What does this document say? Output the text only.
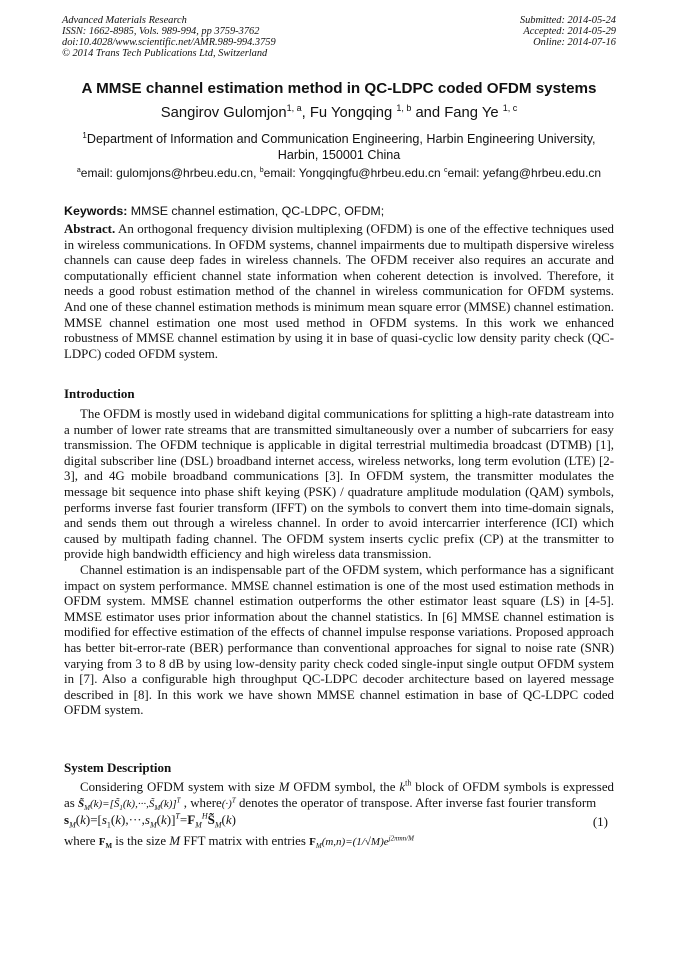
Advanced Materials Research
ISSN: 1662-8985, Vols. 989-994, pp 3759-3762
doi:10.4028/www.scientific.net/AMR.989-994.3759
© 2014 Trans Tech Publications Ltd, Switzerland
Submitted: 2014-05-24
Accepted: 2014-05-29
Online: 2014-07-16
A MMSE channel estimation method in QC-LDPC coded OFDM systems
Sangirov Gulomjon$^{1, a}$, Fu Yongqing $^{1, b}$ and Fang Ye $^{1, c}$
$^1$Department of Information and Communication Engineering, Harbin Engineering University, Harbin, 150001 China
$^a$email: gulomjons@hrbeu.edu.cn, $^b$email: Yongqingfu@hrbeu.edu.cn $^c$email: yefang@hrbeu.edu.cn
Keywords: MMSE channel estimation, QC-LDPC, OFDM;

Abstract. An orthogonal frequency division multiplexing (OFDM) is one of the effective techniques used in wireless communications. In OFDM systems, channel impairments due to multipath dispersive wireless channels can cause deep fades in wireless channels. The OFDM receiver also requires an accurate and computationally efficient channel state information when coherent detection is involved. Therefore, it needs a good robust estimation method of the channel in wireless communication for OFDM systems. And one of these channel estimation methods is minimum mean square error (MMSE) channel estimation. MMSE channel estimation one most used method in OFDM systems. In this work we enhanced robustness of MMSE channel estimation by using it in base of quasi-cyclic low density parity check (QC-LDPC) coded OFDM system.

Introduction

The OFDM is mostly used in wideband digital communications for splitting a high-rate datastream into a number of lower rate streams that are transmitted simultaneously over a number of subcarriers for easy transmission. The OFDM technique is applicable in digital terrestrial multimedia broadcast (DTMB) [1], digital subscriber line (DSL) broadband internet access, wireless networks, long term evolution (LTE) [2-3], and 4G mobile broadband communications [3]. In OFDM system, the transmitter modulates the message bit sequence into phase shift keying (PSK) / quadrature amplitude modulation (QAM) symbols, performs inverse fast fourier transform (IFFT) on the symbols to convert them into time-domain signals, and sends them out through a wireless channel. In order to avoid intercarrier interference (ICI) which caused by multipath fading channel. The OFDM system inserts cyclic prefix (CP) at the transmitter to provide high bandwidth efficiency and high wireless data transmission.

Channel estimation is an indispensable part of the OFDM system, which performance has a significant impact on system performance. MMSE channel estimation is one of the most used estimation methods in OFDM system. MMSE channel estimation outperforms the other estimator least square (LS) in [4-5]. MMSE estimator uses prior information about the channel statistics. In [6] MMSE channel estimation is modified for effective estimation of the effects of channel impulse response variations. Proposed approach has better bit-error-rate (BER) performance than conventional approaches for signal to noise rate (SNR) varying from 3 to 8 dB by using low-density parity check coded single-input single output OFDM system in [7]. Also a configurable high throughput QC-LDPC decoder architecture based on layered message described in [8]. In this work we have shown MMSE channel estimation in base of QC-LDPC coded OFDM system.

System Description

Considering OFDM system with size M OFDM symbol, the $k^{th}$ block of OFDM symbols is expressed as $S̃_M(k)=[S̃_1(k),\cdot\cdot\cdot,S̃_M(k)]^T$ , $where(\cdot)^T$ denotes the operator of transpose. After inverse fast fourier transform

$s_M(k)=[s_1(k),\cdot\cdot\cdot,s_M(k)]^T=F_M^HS̃_M(k)$	(1)

where $F_M$ is the size M FFT matrix with entries $F_M(m,n)=(1/√M)e^{j2\pi mn/M}$
